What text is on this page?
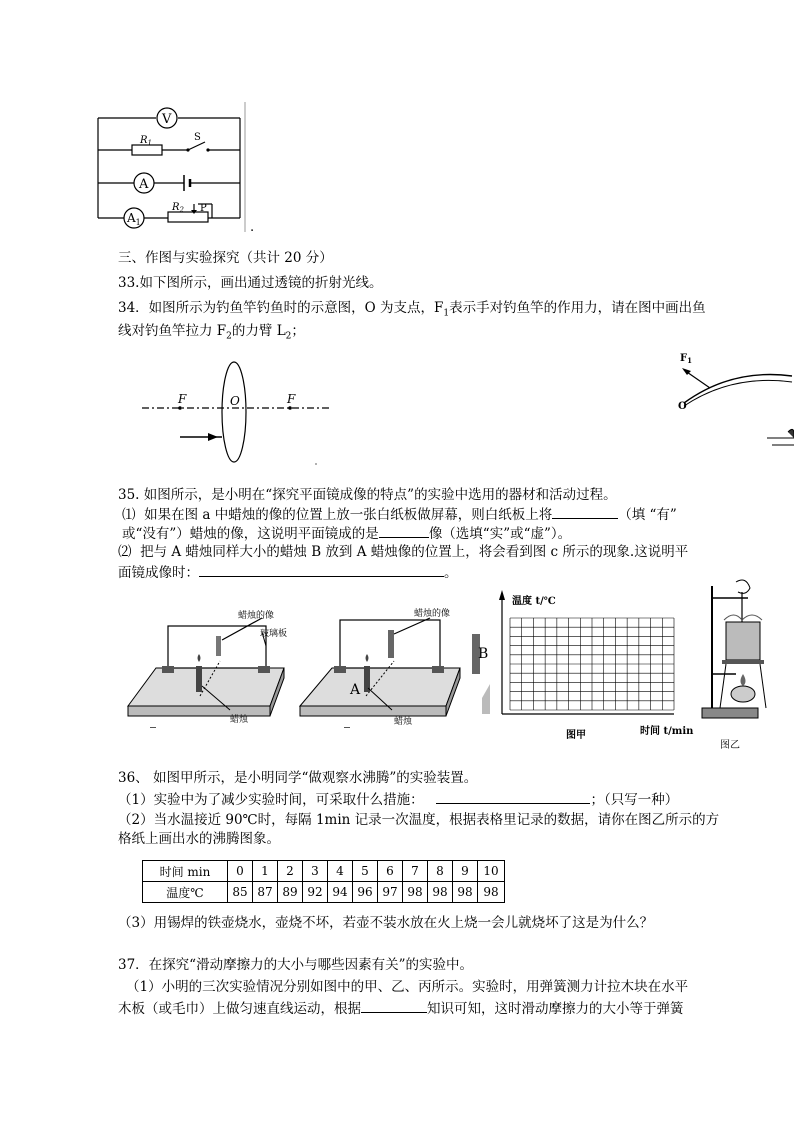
V
A
$A_1$
$R_1$	S
$R_2$ P
.
三、作图与实验探究（共计 20 分）
33.如下图所示，画出通过透镜的折射光线。
34．如图所示为钓鱼竿钓鱼时的示意图，O 为支点，$F_1$表示手对钓鱼竿的作用力，请在图中画出鱼
线对钓鱼竿拉力 $F_2$的力臂 $L_2$；
F	O	F
$F_1$
O
35. 如图所示，是小明在“探究平面镜成像的特点”的实验中选用的器材和活动过程。
⑴ 如果在图 a 中蜡烛的像的位置上放一张白纸板做屏幕，则白纸板上将	（填 “有”
或“没有”）蜡烛的像，这说明平面镜成的是	像（选填“实”或“虚”）。
⑵ 把与 A 蜡烛同样大小的蜡烛 B 放到 A 蜡烛像的位置上，将会看到图 c 所示的现象.这说明平
面镜成像时：	。
蜡烛的像
玻璃板
蜡烛
蜡烛的像
A
B
蜡烛
温度 t/℃
时间 t/min
图甲
图乙
36、 如图甲所示，是小明同学“做观察水沸腾”的实验装置。
（1）实验中为了减少实验时间，可采取什么措施：	；（只写一种）
（2）当水温接近 90℃时，每隔 1min 记录一次温度，根据表格里记录的数据，请你在图乙所示的方
格纸上画出水的沸腾图象。
时间 min	0	1	2	3	4	5	6	7	8	9	10
温度℃	85	87	89	92	94	96	97	98	98	98	98
（3）用锡焊的铁壶烧水，壶烧不坏，若壶不装水放在火上烧一会儿就烧坏了这是为什么？
37．在探究“滑动摩擦力的大小与哪些因素有关”的实验中。
（1）小明的三次实验情况分别如图中的甲、乙、丙所示。实验时，用弹簧测力计拉木块在水平
木板（或毛巾）上做匀速直线运动，根据	知识可知，这时滑动摩擦力的大小等于弹簧
